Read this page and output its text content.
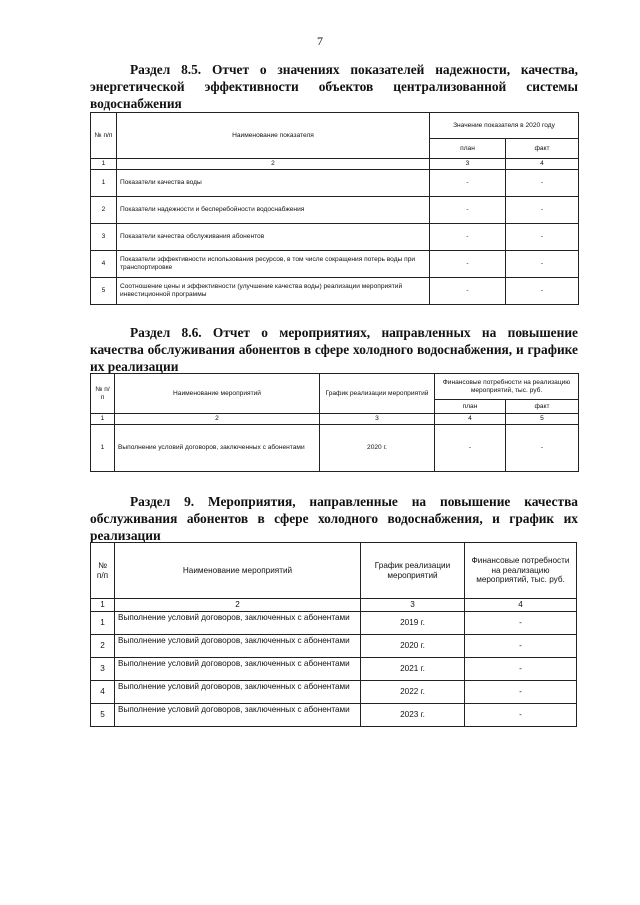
7
Раздел 8.5. Отчет о значениях показателей надежности, качества, энергетической эффективности объектов централизованной системы водоснабжения
№ п/п	Наименование показателя	Значение показателя в 2020 году	
		план	факт
1	2	3	4
1	Показатели качества воды	-	-
2	Показатели надежности и бесперебойности водоснабжения	-	-
3	Показатели качества обслуживания абонентов	-	-
4	Показатели эффективности использования ресурсов, в том числе сокращения потерь воды при транспортировке	-	-
5	Соотношение цены и эффективности (улучшение качества воды) реализации мероприятий инвестиционной программы	-	-
Раздел 8.6. Отчет о мероприятиях, направленных на повышение качества обслуживания абонентов в сфере холодного водоснабжения, и графике их реализации
№ п/п	Наименование мероприятий	График реализации мероприятий	Финансовые потребности на реализацию мероприятий, тыс. руб.	
			план	факт
1	2	3	4	5
1	Выполнение условий договоров, заключенных с абонентами	2020 г.	-	-
Раздел 9. Мероприятия, направленные на повышение качества обслуживания абонентов в сфере холодного водоснабжения, и график их реализации
№ п/п	Наименование мероприятий	График реализации мероприятий	Финансовые потребности на реализацию мероприятий, тыс. руб.
1	2	3	4
1	Выполнение условий договоров, заключенных с абонентами	2019 г.	-
2	Выполнение условий договоров, заключенных с абонентами	2020 г.	-
3	Выполнение условий договоров, заключенных с абонентами	2021 г.	-
4	Выполнение условий договоров, заключенных с абонентами	2022 г.	-
5	Выполнение условий договоров, заключенных с абонентами	2023 г.	-
